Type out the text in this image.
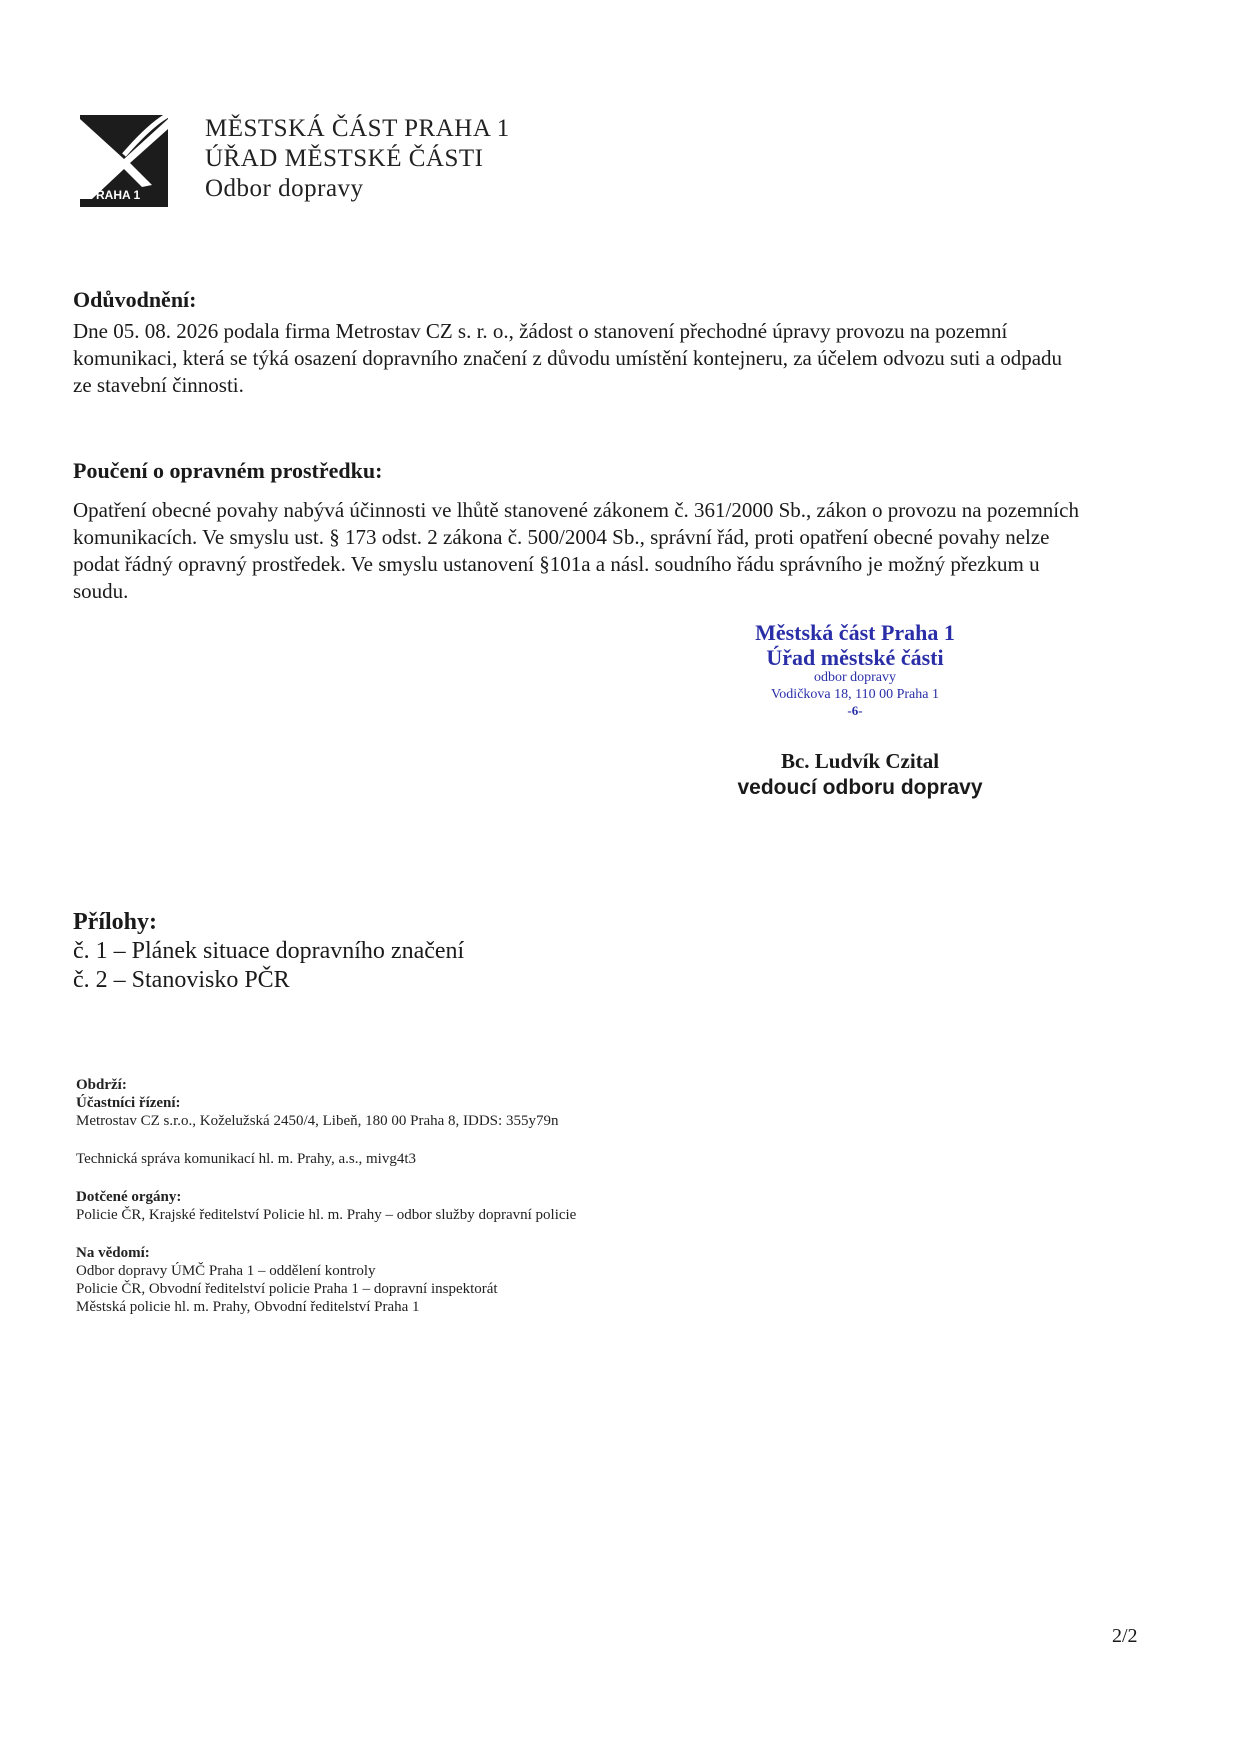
PRAHA 1
MĚSTSKÁ ČÁST PRAHA 1
ÚŘAD MĚSTSKÉ ČÁSTI
Odbor dopravy
Odůvodnění:
Dne 05. 08. 2026 podala firma Metrostav CZ s. r. o., žádost o stanovení přechodné úpravy provozu na pozemní
komunikaci, která se týká osazení dopravního značení z důvodu umístění kontejneru, za účelem odvozu suti a odpadu
ze stavební činnosti.
Poučení o opravném prostředku:
Opatření obecné povahy nabývá účinnosti ve lhůtě stanovené zákonem č. 361/2000 Sb., zákon o provozu na pozemních
komunikacích. Ve smyslu ust. § 173 odst. 2 zákona č. 500/2004 Sb., správní řád, proti opatření obecné povahy nelze
podat řádný opravný prostředek. Ve smyslu ustanovení §101a a násl. soudního řádu správního je možný přezkum u
soudu.
Městská část Praha 1
Úřad městské části
odbor dopravy
Vodičkova 18, 110 00 Praha 1
-6-
Bc. Ludvík Czital
vedoucí odboru dopravy
Přílohy:
č. 1 – Plánek situace dopravního značení
č. 2 – Stanovisko PČR
Obdrží:
Účastníci řízení:
Metrostav CZ s.r.o., Koželužská 2450/4, Libeň, 180 00 Praha 8, IDDS: 355y79n
Technická správa komunikací hl. m. Prahy, a.s., mivg4t3
Dotčené orgány:
Policie ČR, Krajské ředitelství Policie hl. m. Prahy – odbor služby dopravní policie
Na vědomí:
Odbor dopravy ÚMČ Praha 1 – oddělení kontroly
Policie ČR, Obvodní ředitelství policie Praha 1 – dopravní inspektorát
Městská policie hl. m. Prahy, Obvodní ředitelství Praha 1
2/2
